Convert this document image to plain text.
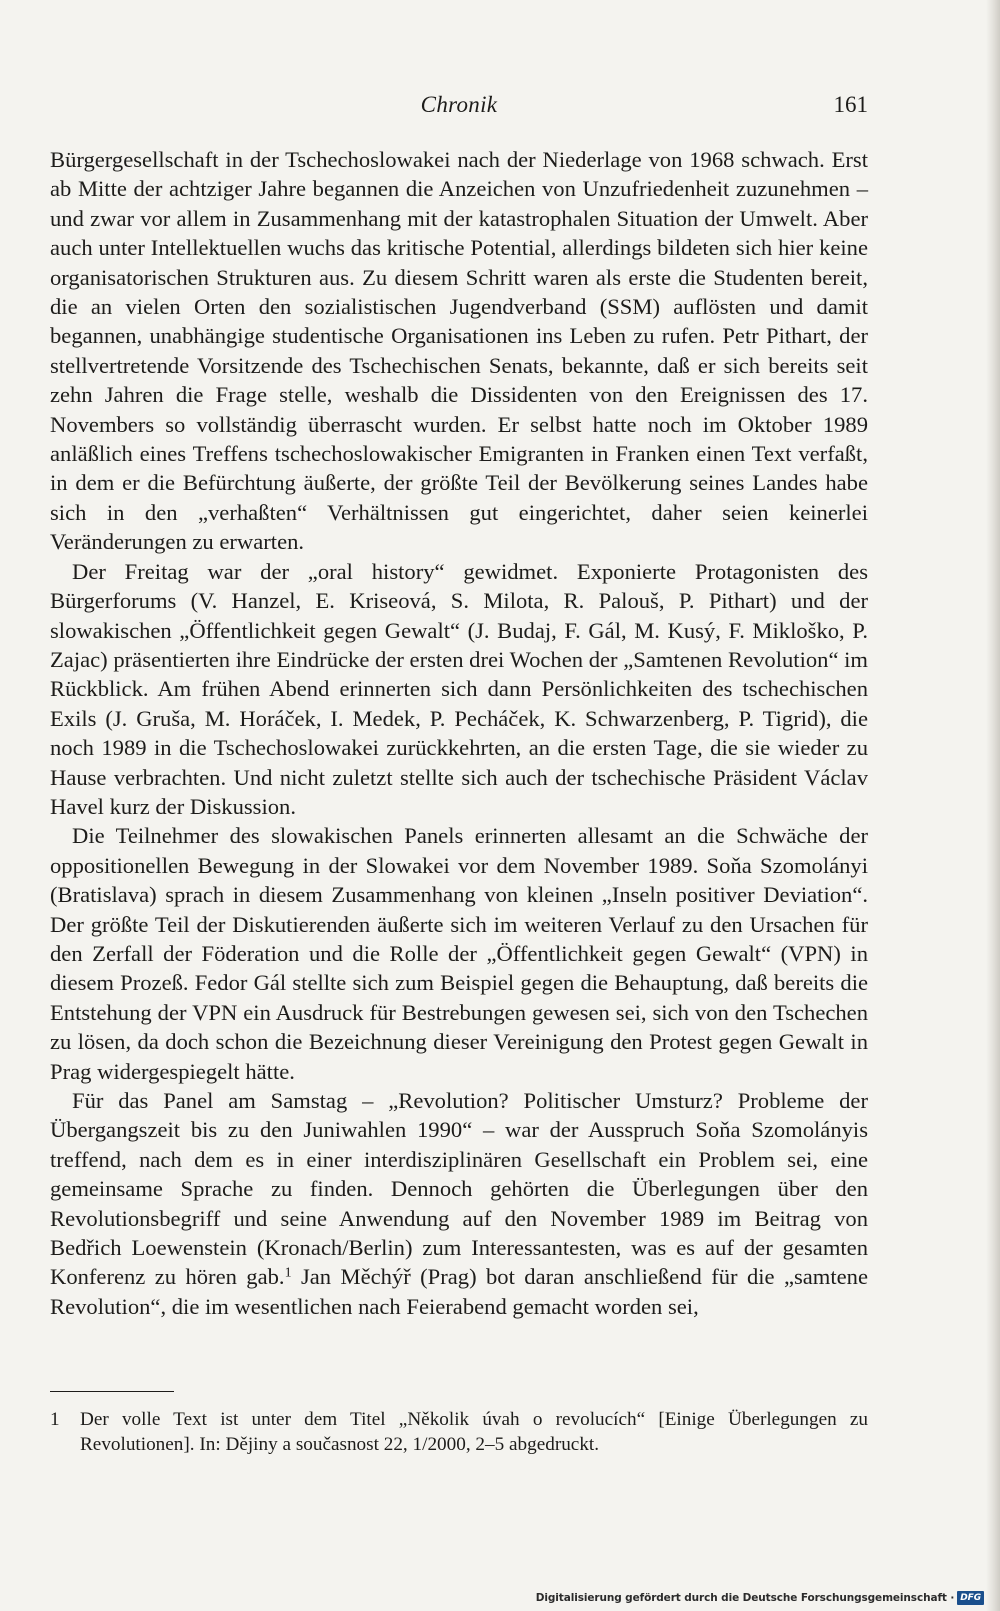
Chronik	161

Bürgergesellschaft in der Tschechoslowakei nach der Niederlage von 1968 schwach. Erst ab Mitte der achtziger Jahre begannen die Anzeichen von Unzufriedenheit zuzunehmen – und zwar vor allem in Zusammenhang mit der katastrophalen Situation der Umwelt. Aber auch unter Intellektuellen wuchs das kritische Potential, allerdings bildeten sich hier keine organisatorischen Strukturen aus. Zu diesem Schritt waren als erste die Studenten bereit, die an vielen Orten den sozialistischen Jugendverband (SSM) auflösten und damit begannen, unabhängige studentische Organisationen ins Leben zu rufen. Petr Pithart, der stellvertretende Vorsitzende des Tschechischen Senats, bekannte, daß er sich bereits seit zehn Jahren die Frage stelle, weshalb die Dissidenten von den Ereignissen des 17. Novembers so vollständig überrascht wurden. Er selbst hatte noch im Oktober 1989 anläßlich eines Treffens tschechoslowakischer Emigranten in Franken einen Text verfaßt, in dem er die Befürchtung äußerte, der größte Teil der Bevölkerung seines Landes habe sich in den „verhaßten“ Verhältnissen gut eingerichtet, daher seien keinerlei Veränderungen zu erwarten.

Der Freitag war der „oral history“ gewidmet. Exponierte Protagonisten des Bürgerforums (V. Hanzel, E. Kriseová, S. Milota, R. Palouš, P. Pithart) und der slowakischen „Öffentlichkeit gegen Gewalt“ (J. Budaj, F. Gál, M. Kusý, F. Mikloško, P. Zajac) präsentierten ihre Eindrücke der ersten drei Wochen der „Samtenen Revolution“ im Rückblick. Am frühen Abend erinnerten sich dann Persönlichkeiten des tschechischen Exils (J. Gruša, M. Horáček, I. Medek, P. Pecháček, K. Schwarzenberg, P. Tigrid), die noch 1989 in die Tschechoslowakei zurückkehrten, an die ersten Tage, die sie wieder zu Hause verbrachten. Und nicht zuletzt stellte sich auch der tschechische Präsident Václav Havel kurz der Diskussion.

Die Teilnehmer des slowakischen Panels erinnerten allesamt an die Schwäche der oppositionellen Bewegung in der Slowakei vor dem November 1989. Soňa Szomolányi (Bratislava) sprach in diesem Zusammenhang von kleinen „Inseln positiver Deviation“. Der größte Teil der Diskutierenden äußerte sich im weiteren Verlauf zu den Ursachen für den Zerfall der Föderation und die Rolle der „Öffentlichkeit gegen Gewalt“ (VPN) in diesem Prozeß. Fedor Gál stellte sich zum Beispiel gegen die Behauptung, daß bereits die Entstehung der VPN ein Ausdruck für Bestrebungen gewesen sei, sich von den Tschechen zu lösen, da doch schon die Bezeichnung dieser Vereinigung den Protest gegen Gewalt in Prag widergespiegelt hätte.

Für das Panel am Samstag – „Revolution? Politischer Umsturz? Probleme der Übergangszeit bis zu den Juniwahlen 1990“ – war der Ausspruch Soňa Szomolányis treffend, nach dem es in einer interdisziplinären Gesellschaft ein Problem sei, eine gemeinsame Sprache zu finden. Dennoch gehörten die Überlegungen über den Revolutionsbegriff und seine Anwendung auf den November 1989 im Beitrag von Bedřich Loewenstein (Kronach/Berlin) zum Interessantesten, was es auf der gesamten Konferenz zu hören gab.$^1$ Jan Měchýř (Prag) bot daran anschließend für die „samtene Revolution“, die im wesentlichen nach Feierabend gemacht worden sei,

1 Der volle Text ist unter dem Titel „Několik úvah o revolucích“ [Einige Überlegungen zu Revolutionen]. In: Dějiny a současnost 22, 1/2000, 2–5 abgedruckt.
Digitalisierung gefördert durch die Deutsche Forschungsgemeinschaft · DFG
